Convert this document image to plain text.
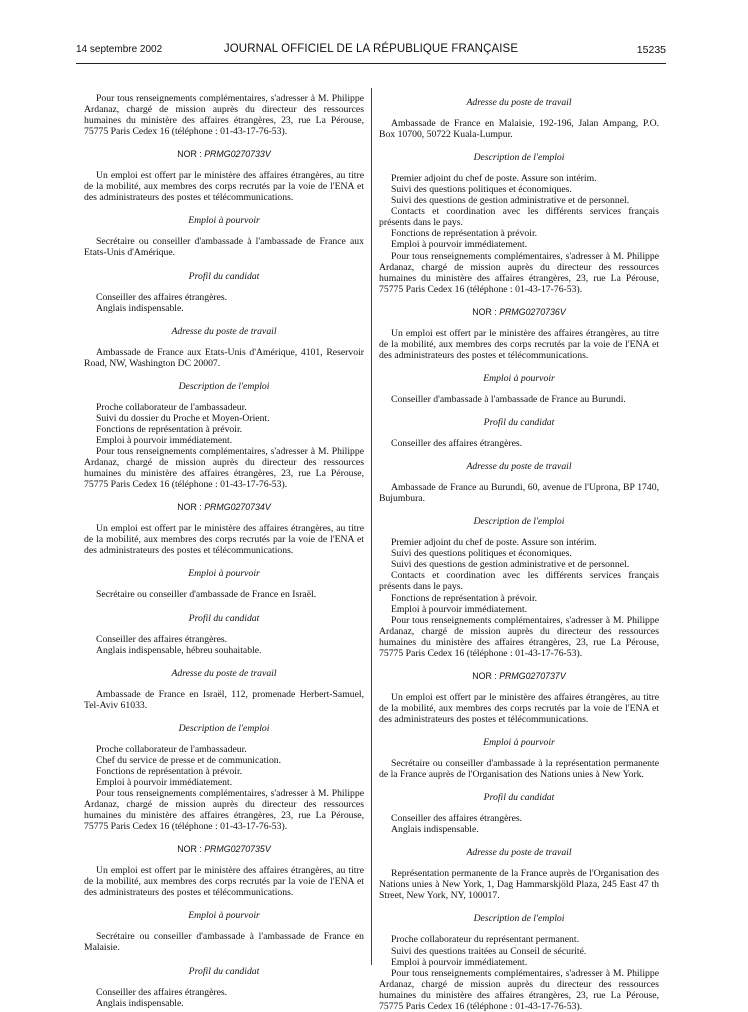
14 septembre 2002	JOURNAL OFFICIEL DE LA RÉPUBLIQUE FRANÇAISE	15235

Pour tous renseignements complémentaires, s'adresser à M. Philippe Ardanaz, chargé de mission auprès du directeur des ressources humaines du ministère des affaires étrangères, 23, rue La Pérouse, 75775 Paris Cedex 16 (téléphone : 01-43-17-76-53).

NOR : PRMG0270733V

Un emploi est offert par le ministère des affaires étrangères, au titre de la mobilité, aux membres des corps recrutés par la voie de l'ENA et des administrateurs des postes et télécommunications.

Emploi à pourvoir

Secrétaire ou conseiller d'ambassade à l'ambassade de France aux Etats-Unis d'Amérique.

Profil du candidat

Conseiller des affaires étrangères.

Anglais indispensable.

Adresse du poste de travail

Ambassade de France aux Etats-Unis d'Amérique, 4101, Reservoir Road, NW, Washington DC 20007.

Description de l'emploi

Proche collaborateur de l'ambassadeur.

Suivi du dossier du Proche et Moyen-Orient.

Fonctions de représentation à prévoir.

Emploi à pourvoir immédiatement.

Pour tous renseignements complémentaires, s'adresser à M. Philippe Ardanaz, chargé de mission auprès du directeur des ressources humaines du ministère des affaires étrangères, 23, rue La Pérouse, 75775 Paris Cedex 16 (téléphone : 01-43-17-76-53).

NOR : PRMG0270734V

Un emploi est offert par le ministère des affaires étrangères, au titre de la mobilité, aux membres des corps recrutés par la voie de l'ENA et des administrateurs des postes et télécommunications.

Emploi à pourvoir

Secrétaire ou conseiller d'ambassade de France en Israël.

Profil du candidat

Conseiller des affaires étrangères.

Anglais indispensable, hébreu souhaitable.

Adresse du poste de travail

Ambassade de France en Israël, 112, promenade Herbert-Samuel, Tel-Aviv 61033.

Description de l'emploi

Proche collaborateur de l'ambassadeur.

Chef du service de presse et de communication.

Fonctions de représentation à prévoir.

Emploi à pourvoir immédiatement.

Pour tous renseignements complémentaires, s'adresser à M. Philippe Ardanaz, chargé de mission auprès du directeur des ressources humaines du ministère des affaires étrangères, 23, rue La Pérouse, 75775 Paris Cedex 16 (téléphone : 01-43-17-76-53).

NOR : PRMG0270735V

Un emploi est offert par le ministère des affaires étrangères, au titre de la mobilité, aux membres des corps recrutés par la voie de l'ENA et des administrateurs des postes et télécommunications.

Emploi à pourvoir

Secrétaire ou conseiller d'ambassade à l'ambassade de France en Malaisie.

Profil du candidat

Conseiller des affaires étrangères.

Anglais indispensable.

Adresse du poste de travail

Ambassade de France en Malaisie, 192-196, Jalan Ampang, P.O. Box 10700, 50722 Kuala-Lumpur.

Description de l'emploi

Premier adjoint du chef de poste. Assure son intérim.

Suivi des questions politiques et économiques.

Suivi des questions de gestion administrative et de personnel.

Contacts et coordination avec les différents services français présents dans le pays.

Fonctions de représentation à prévoir.

Emploi à pourvoir immédiatement.

Pour tous renseignements complémentaires, s'adresser à M. Philippe Ardanaz, chargé de mission auprès du directeur des ressources humaines du ministère des affaires étrangères, 23, rue La Pérouse, 75775 Paris Cedex 16 (téléphone : 01-43-17-76-53).

NOR : PRMG0270736V

Un emploi est offert par le ministère des affaires étrangères, au titre de la mobilité, aux membres des corps recrutés par la voie de l'ENA et des administrateurs des postes et télécommunications.

Emploi à pourvoir

Conseiller d'ambassade à l'ambassade de France au Burundi.

Profil du candidat

Conseiller des affaires étrangères.

Adresse du poste de travail

Ambassade de France au Burundi, 60, avenue de l'Uprona, BP 1740, Bujumbura.

Description de l'emploi

Premier adjoint du chef de poste. Assure son intérim.

Suivi des questions politiques et économiques.

Suivi des questions de gestion administrative et de personnel.

Contacts et coordination avec les différents services français présents dans le pays.

Fonctions de représentation à prévoir.

Emploi à pourvoir immédiatement.

Pour tous renseignements complémentaires, s'adresser à M. Philippe Ardanaz, chargé de mission auprès du directeur des ressources humaines du ministère des affaires étrangères, 23, rue La Pérouse, 75775 Paris Cedex 16 (téléphone : 01-43-17-76-53).

NOR : PRMG0270737V

Un emploi est offert par le ministère des affaires étrangères, au titre de la mobilité, aux membres des corps recrutés par la voie de l'ENA et des administrateurs des postes et télécommunications.

Emploi à pourvoir

Secrétaire ou conseiller d'ambassade à la représentation permanente de la France auprès de l'Organisation des Nations unies à New York.

Profil du candidat

Conseiller des affaires étrangères.

Anglais indispensable.

Adresse du poste de travail

Représentation permanente de la France auprès de l'Organisation des Nations unies à New York, 1, Dag Hammarskjöld Plaza, 245 East 47 th Street, New York, NY, 100017.

Description de l'emploi

Proche collaborateur du représentant permanent.

Suivi des questions traitées au Conseil de sécurité.

Emploi à pourvoir immédiatement.

Pour tous renseignements complémentaires, s'adresser à M. Philippe Ardanaz, chargé de mission auprès du directeur des ressources humaines du ministère des affaires étrangères, 23, rue La Pérouse, 75775 Paris Cedex 16 (téléphone : 01-43-17-76-53).
